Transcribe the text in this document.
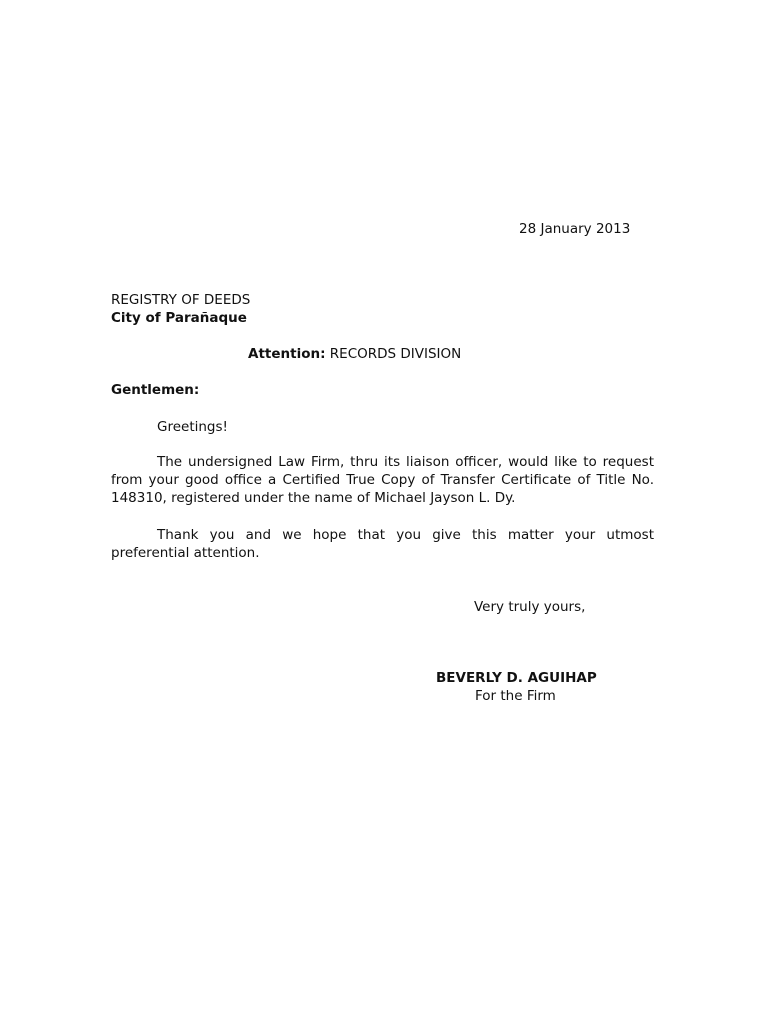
28 January 2013
REGISTRY OF DEEDS
City of Parañaque
Attention: RECORDS DIVISION
Gentlemen:
Greetings!
The undersigned Law Firm, thru its liaison officer, would like to request from your good office a Certified True Copy of Transfer Certificate of Title No. 148310, registered under the name of Michael Jayson L. Dy.
Thank you and we hope that you give this matter your utmost preferential attention.
Very truly yours,
BEVERLY D. AGUIHAP
For the Firm
